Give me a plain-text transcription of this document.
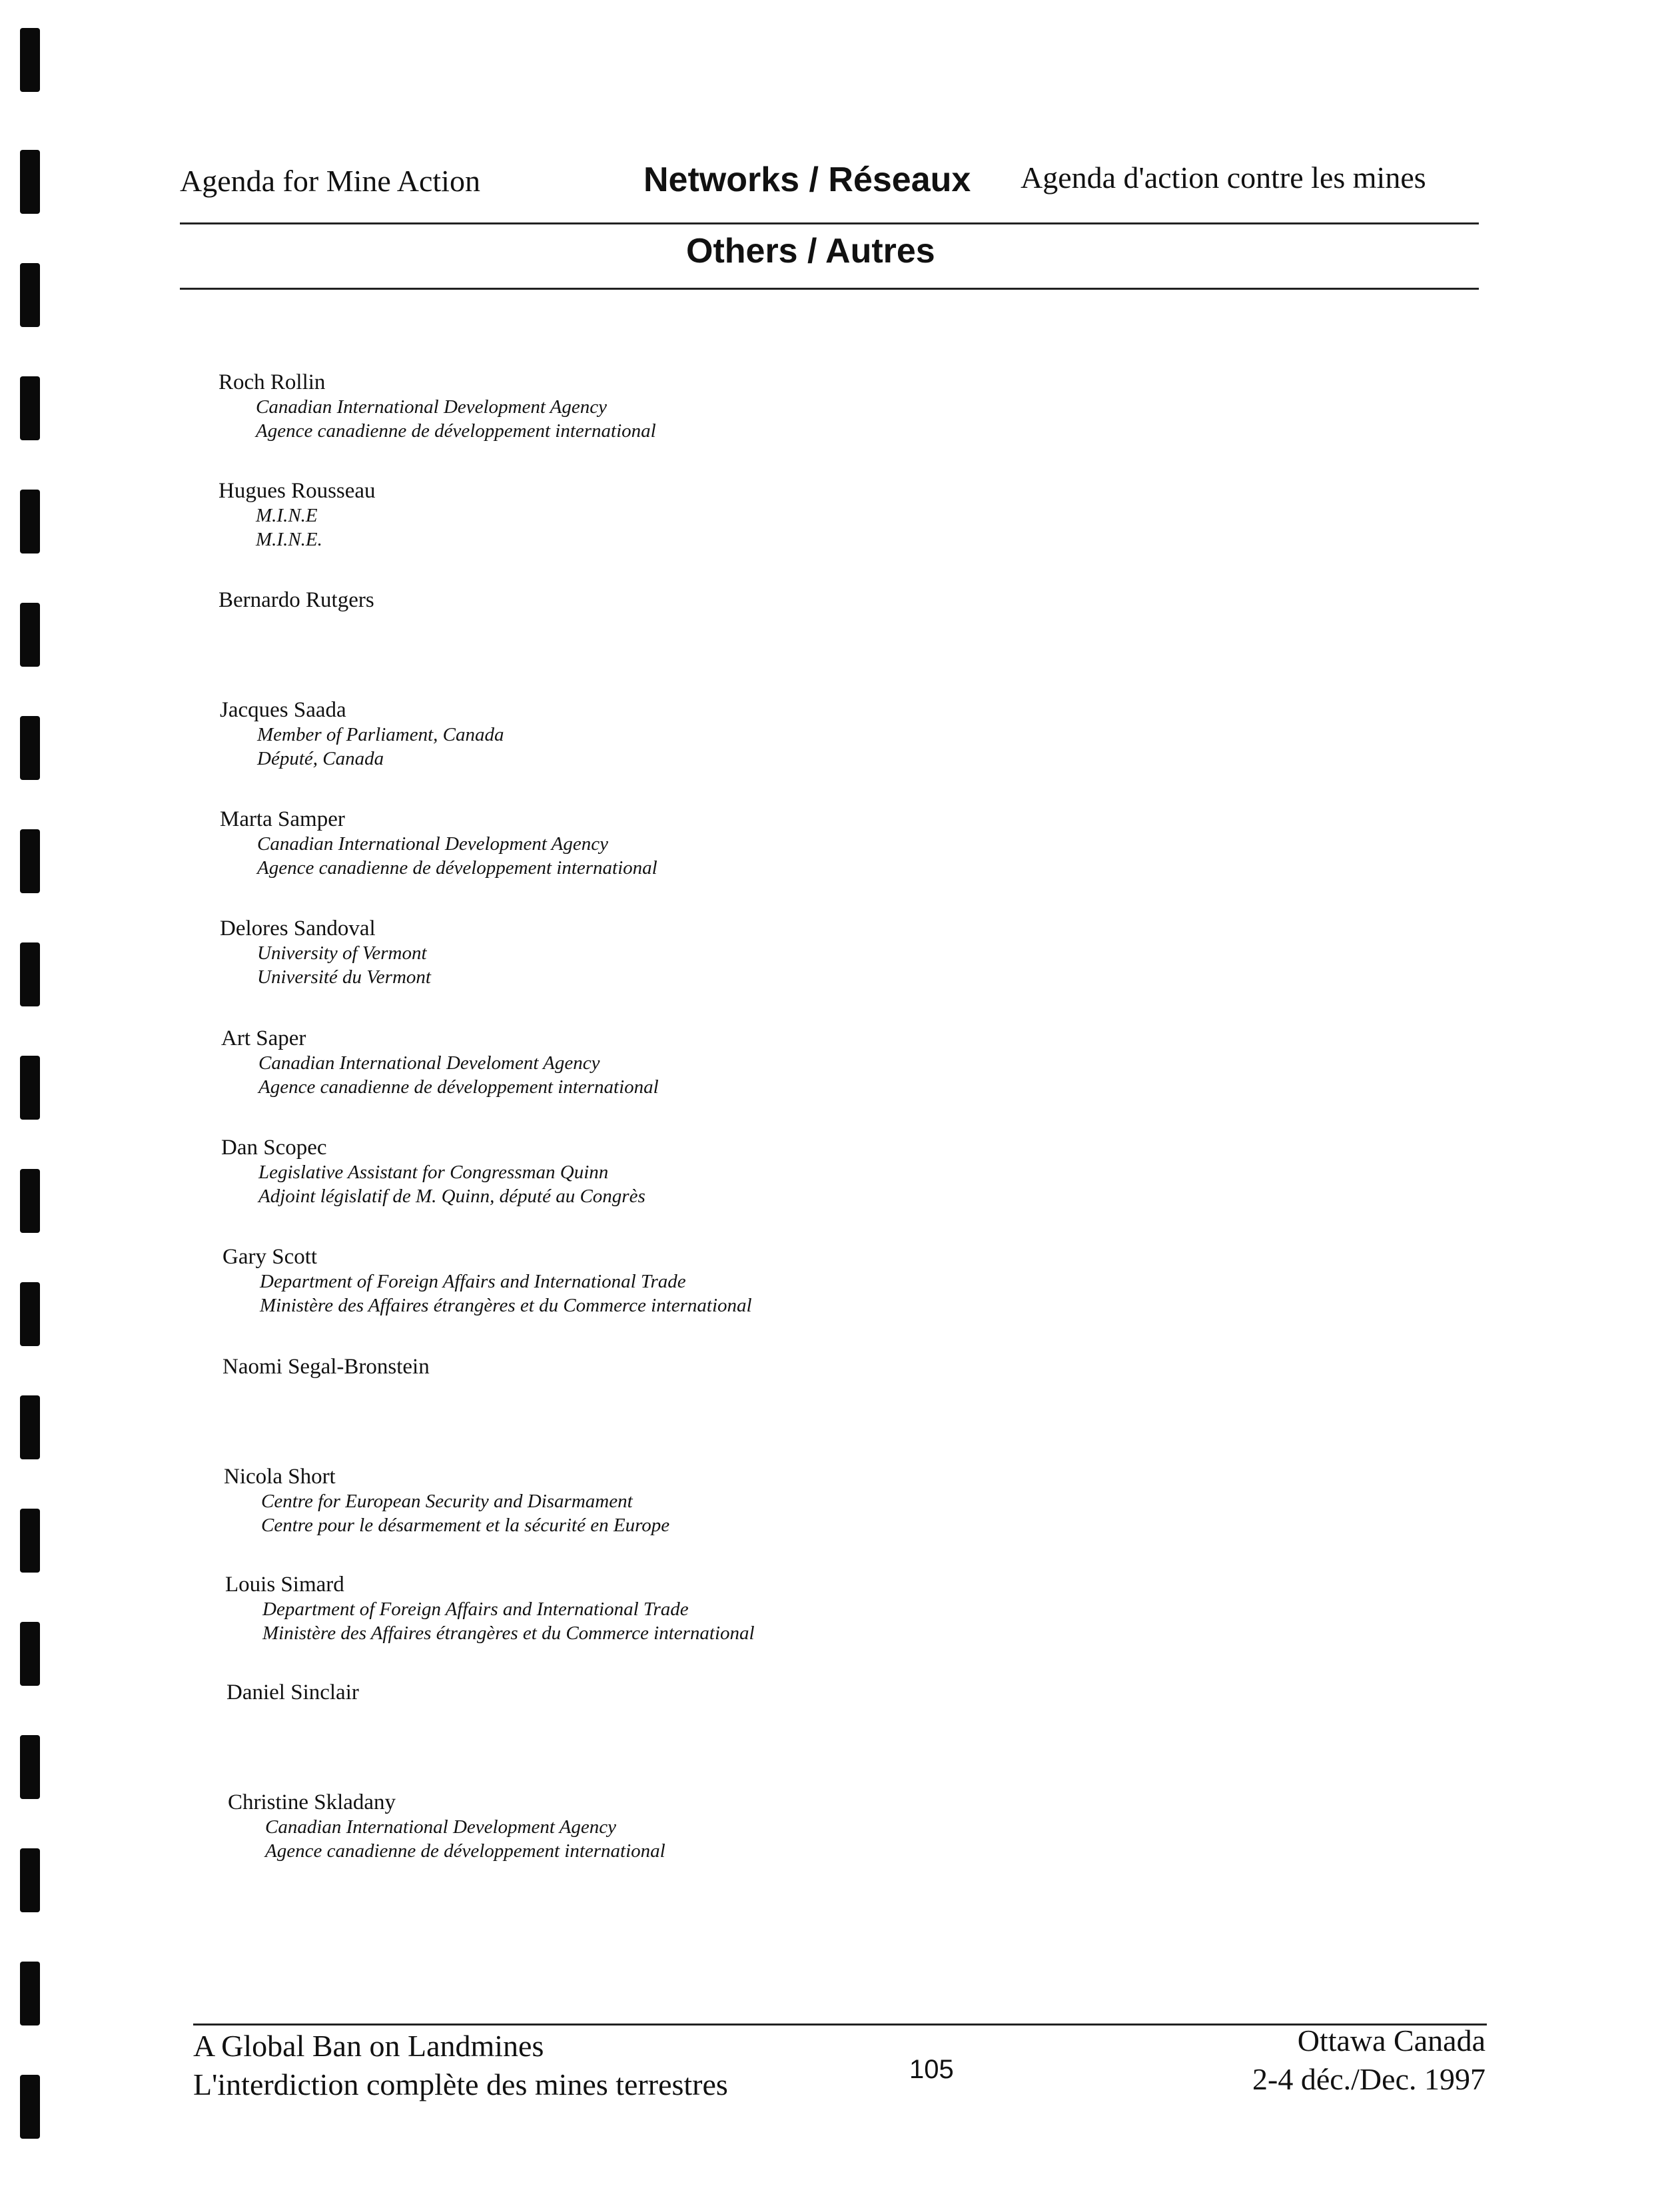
Agenda for Mine Action	Networks / Réseaux Agenda d'action contre les mines
Others / Autres
Roch Rollin
Canadian International Development Agency
Agence canadienne de développement international
Hugues Rousseau
M.I.N.E
M.I.N.E.
Bernardo Rutgers
Jacques Saada
Member of Parliament, Canada
Député, Canada
Marta Samper
Canadian International Development Agency
Agence canadienne de développement international
Delores Sandoval
University of Vermont
Université du Vermont
Art Saper
Canadian International Develoment Agency
Agence canadienne de développement international
Dan Scopec
Legislative Assistant for Congressman Quinn
Adjoint législatif de M. Quinn, député au Congrès
Gary Scott
Department of Foreign Affairs and International Trade
Ministère des Affaires étrangères et du Commerce international
Naomi Segal-Bronstein
Nicola Short
Centre for European Security and Disarmament
Centre pour le désarmement et la sécurité en Europe
Louis Simard
Department of Foreign Affairs and International Trade
Ministère des Affaires étrangères et du Commerce international
Daniel Sinclair
Christine Skladany
Canadian International Development Agency
Agence canadienne de développement international
A Global Ban on Landmines
L'interdiction complète des mines terrestres	105
Ottawa Canada
2-4 déc./Dec. 1997
